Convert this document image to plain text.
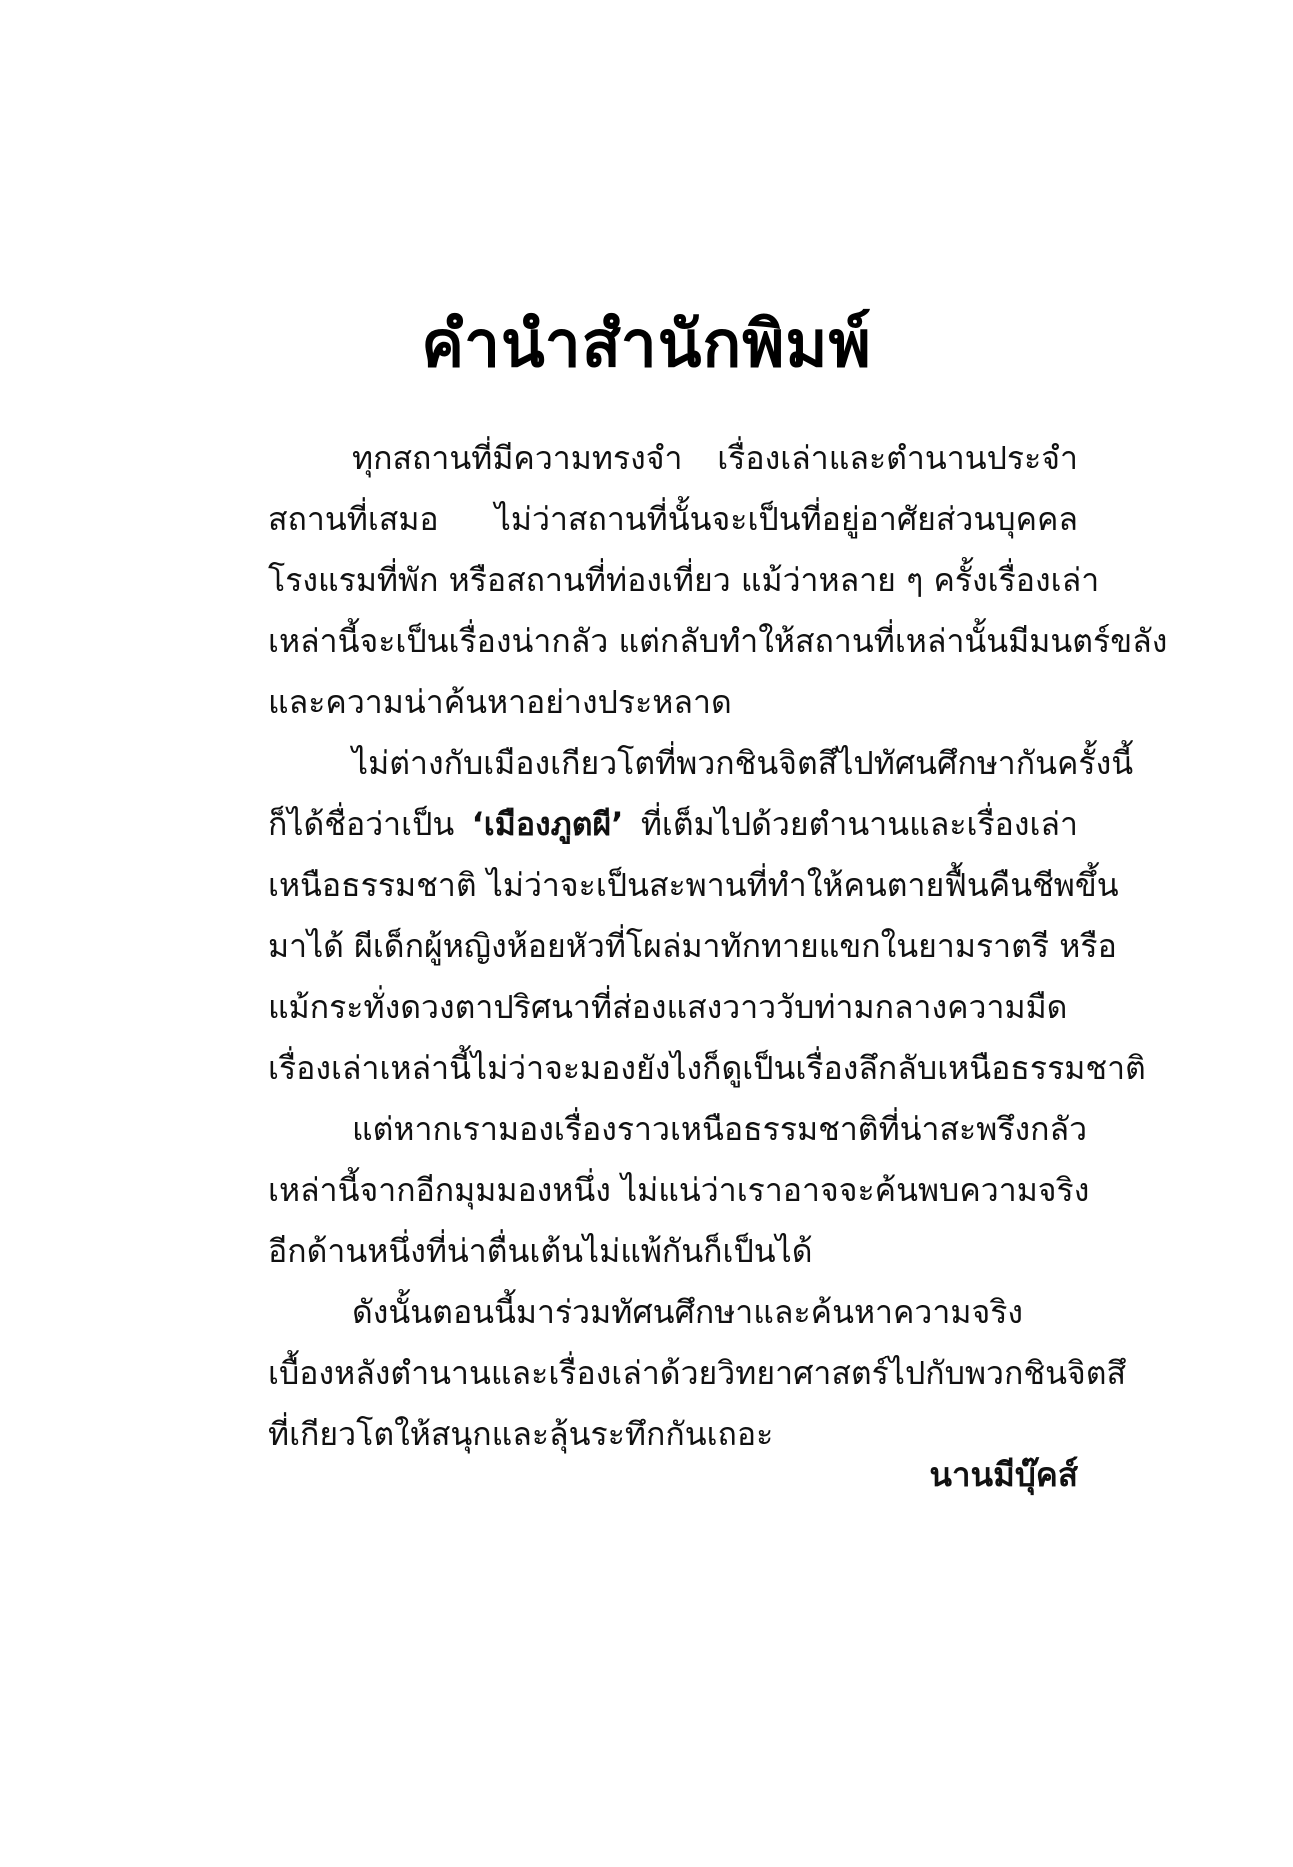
คำนำสำนักพิมพ์
ทุกสถานที่มีความทรงจำ เรื่องเล่าและตำนานประจำ
สถานที่เสมอ ไม่ว่าสถานที่นั้นจะเป็นที่อยู่อาศัยส่วนบุคคล
โรงแรมที่พัก หรือสถานที่ท่องเที่ยว แม้ว่าหลาย ๆ ครั้งเรื่องเล่า
เหล่านี้จะเป็นเรื่องน่ากลัว แต่กลับทำให้สถานที่เหล่านั้นมีมนตร์ขลัง
และความน่าค้นหาอย่างประหลาด
ไม่ต่างกับเมืองเกียวโตที่พวกชินจิตสึไปทัศนศึกษากันครั้งนี้
ก็ได้ชื่อว่าเป็น ‘เมืองภูตผี’ ที่เต็มไปด้วยตำนานและเรื่องเล่า
เหนือธรรมชาติ ไม่ว่าจะเป็นสะพานที่ทำให้คนตายฟื้นคืนชีพขึ้น
มาได้ ผีเด็กผู้หญิงห้อยหัวที่โผล่มาทักทายแขกในยามราตรี หรือ
แม้กระทั่งดวงตาปริศนาที่ส่องแสงวาววับท่ามกลางความมืด
เรื่องเล่าเหล่านี้ไม่ว่าจะมองยังไงก็ดูเป็นเรื่องลึกลับเหนือธรรมชาติ
แต่หากเรามองเรื่องราวเหนือธรรมชาติที่น่าสะพรึงกลัว
เหล่านี้จากอีกมุมมองหนึ่ง ไม่แน่ว่าเราอาจจะค้นพบความจริง
อีกด้านหนึ่งที่น่าตื่นเต้นไม่แพ้กันก็เป็นได้
ดังนั้นตอนนี้มาร่วมทัศนศึกษาและค้นหาความจริง
เบื้องหลังตำนานและเรื่องเล่าด้วยวิทยาศาสตร์ไปกับพวกชินจิตสึ
ที่เกียวโตให้สนุกและลุ้นระทึกกันเถอะ
นานมีบุ๊คส์
